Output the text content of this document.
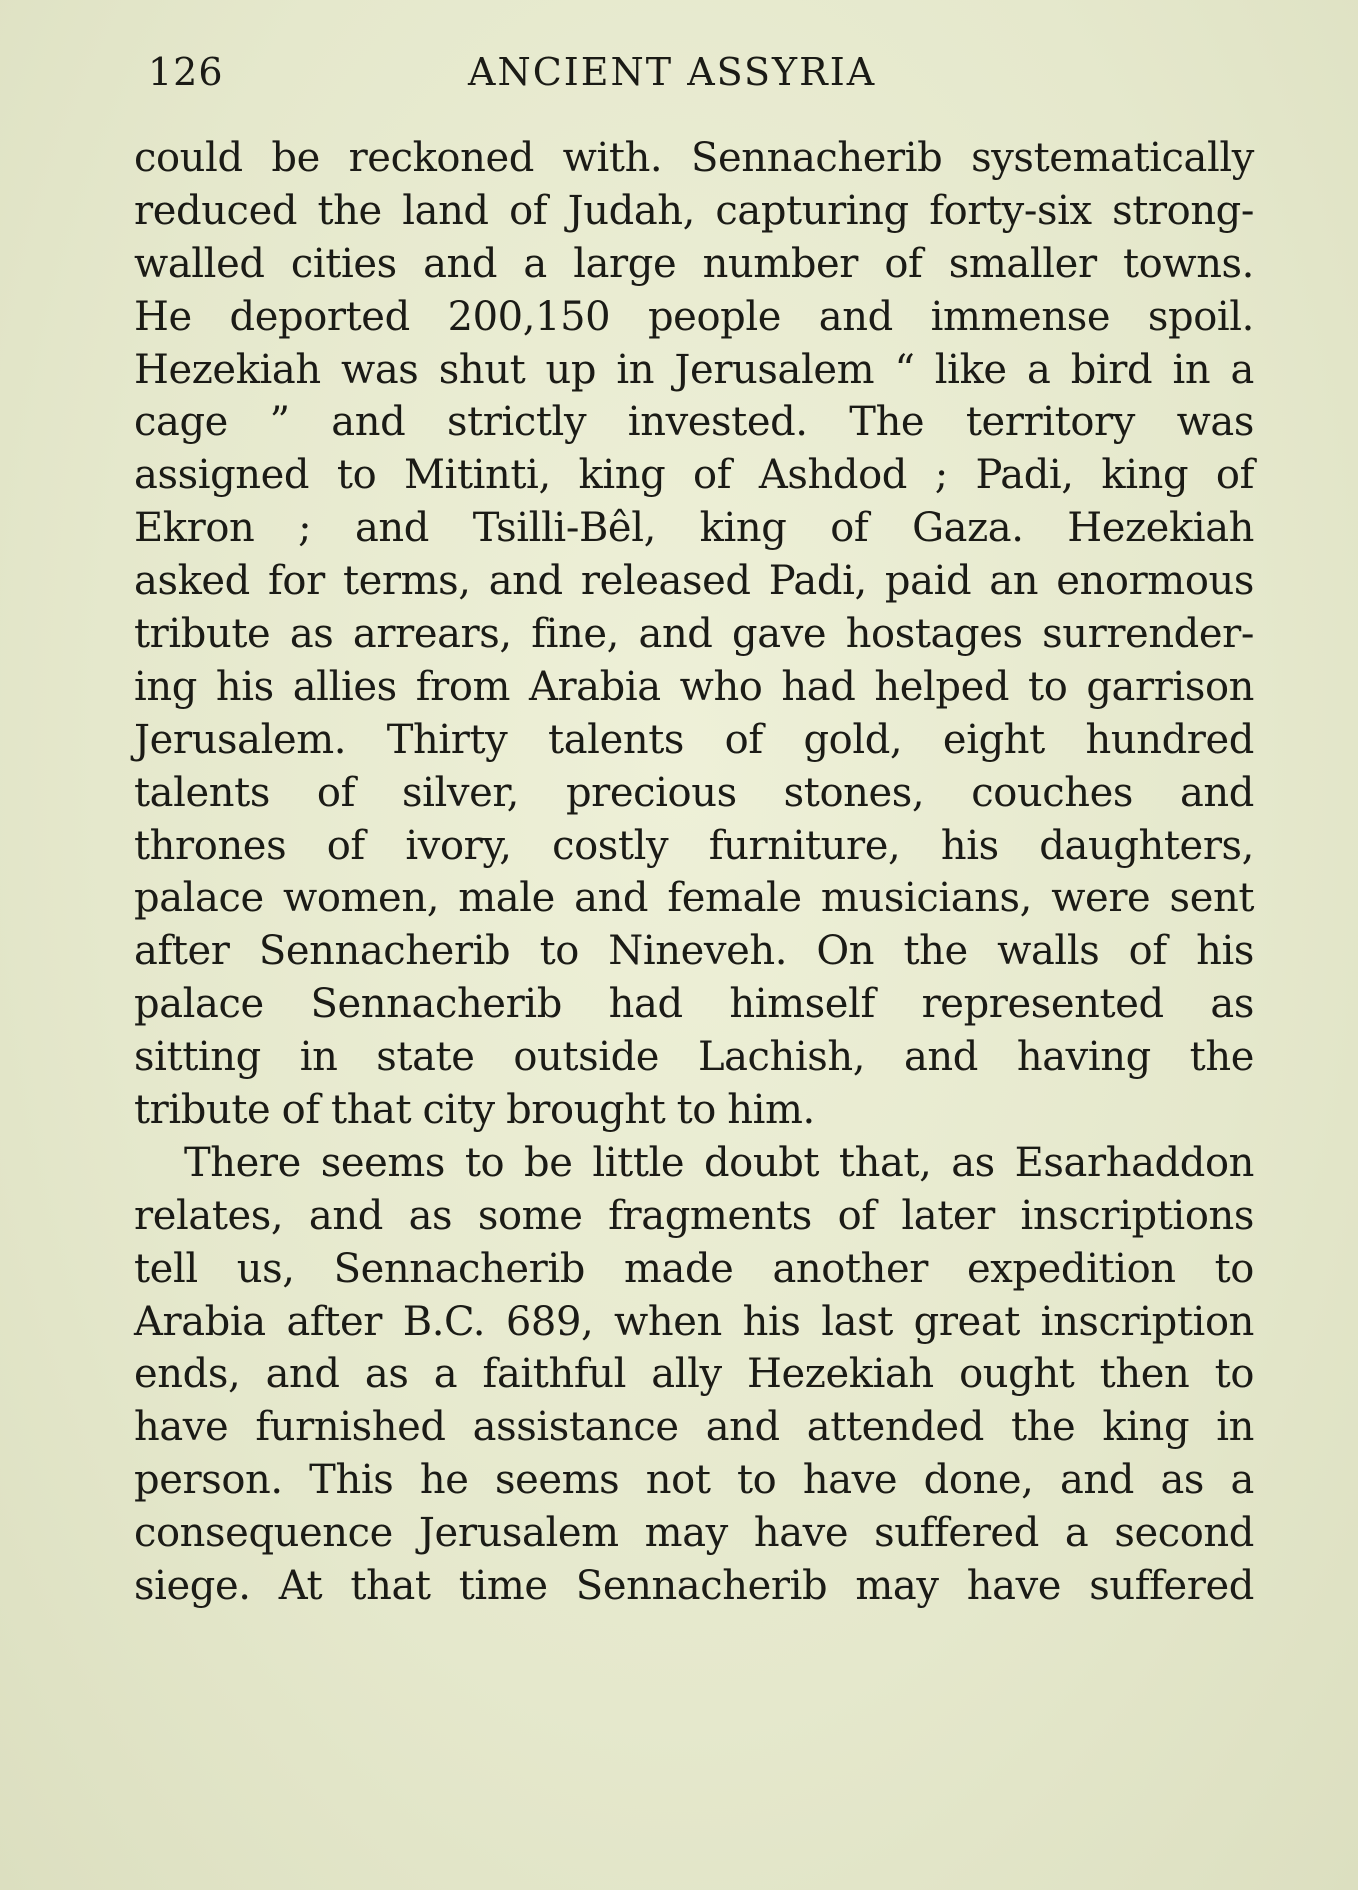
126	ANCIENT ASSYRIA
could be reckoned with. Sennacherib systematically
reduced the land of Judah, capturing forty-six strong-
walled cities and a large number of smaller towns.
He deported 200,150 people and immense spoil.
Hezekiah was shut up in Jerusalem “ like a bird in a
cage ” and strictly invested. The territory was
assigned to Mitinti, king of Ashdod ; Padi, king of
Ekron ; and Tsilli-Bêl, king of Gaza. Hezekiah
asked for terms, and released Padi, paid an enormous
tribute as arrears, fine, and gave hostages surrender-
ing his allies from Arabia who had helped to garrison
Jerusalem. Thirty talents of gold, eight hundred
talents of silver, precious stones, couches and
thrones of ivory, costly furniture, his daughters,
palace women, male and female musicians, were sent
after Sennacherib to Nineveh. On the walls of his
palace Sennacherib had himself represented as
sitting in state outside Lachish, and having the
tribute of that city brought to him.
There seems to be little doubt that, as Esarhaddon
relates, and as some fragments of later inscriptions
tell us, Sennacherib made another expedition to
Arabia after B.C. 689, when his last great inscription
ends, and as a faithful ally Hezekiah ought then to
have furnished assistance and attended the king in
person. This he seems not to have done, and as a
consequence Jerusalem may have suffered a second
siege. At that time Sennacherib may have suffered
